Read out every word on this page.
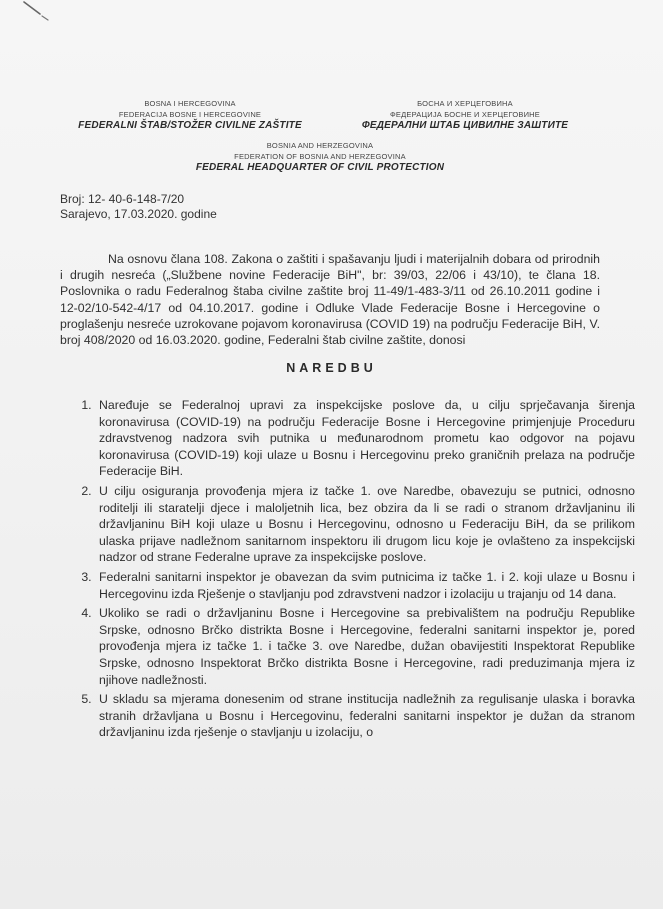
BOSNA I HERCEGOVINA
FEDERACIJA BOSNE I HERCEGOVINE
FEDERALNI ŠTAB/STOŽER CIVILNE ZAŠTITE
БОСНА И ХЕРЦЕГОВИНА
ФЕДЕРАЦИЈА БОСНЕ И ХЕРЦЕГОВИНЕ
ФЕДЕРАЛНИ ШТАБ ЦИВИЛНЕ ЗАШТИТЕ
BOSNIA AND HERZEGOVINA
FEDERATION OF BOSNIA AND HERZEGOVINA
FEDERAL HEADQUARTER OF CIVIL PROTECTION
Broj: 12- 40-6-148-7/20
Sarajevo, 17.03.2020. godine

Na osnovu člana 108. Zakona o zaštiti i spašavanju ljudi i materijalnih dobara od prirodnih i drugih nesreća („Službene novine Federacije BiH", br: 39/03, 22/06 i 43/10), te člana 18. Poslovnika o radu Federalnog štaba civilne zaštite broj 11-49/1-483-3/11 od 26.10.2011 godine i 12-02/10-542-4/17 od 04.10.2017. godine i Odluke Vlade Federacije Bosne i Hercegovine o proglašenju nesreće uzrokovane pojavom koronavirusa (COVID 19) na području Federacije BiH, V. broj 408/2020 od 16.03.2020. godine, Federalni štab civilne zaštite, donosi

NAREDBU
1. Naređuje se Federalnoj upravi za inspekcijske poslove da, u cilju sprječavanja širenja koronavirusa (COVID-19) na području Federacije Bosne i Hercegovine primjenjuje Proceduru zdravstvenog nadzora svih putnika u međunarodnom prometu kao odgovor na pojavu koronavirusa (COVID-19) koji ulaze u Bosnu i Hercegovinu preko graničnih prelaza na područje Federacije BiH.
2. U cilju osiguranja provođenja mjera iz tačke 1. ove Naredbe, obavezuju se putnici, odnosno roditelji ili staratelji djece i maloljetnih lica, bez obzira da li se radi o stranom državljaninu ili državljaninu BiH koji ulaze u Bosnu i Hercegovinu, odnosno u Federaciju BiH, da se prilikom ulaska prijave nadležnom sanitarnom inspektoru ili drugom licu koje je ovlašteno za inspekcijski nadzor od strane Federalne uprave za inspekcijske poslove.
3. Federalni sanitarni inspektor je obavezan da svim putnicima iz tačke 1. i 2. koji ulaze u Bosnu i Hercegovinu izda Rješenje o stavljanju pod zdravstveni nadzor i izolaciju u trajanju od 14 dana.
4. Ukoliko se radi o državljaninu Bosne i Hercegovine sa prebivalištem na području Republike Srpske, odnosno Brčko distrikta Bosne i Hercegovine, federalni sanitarni inspektor je, pored provođenja mjera iz tačke 1. i tačke 3. ove Naredbe, dužan obavijestiti Inspektorat Republike Srpske, odnosno Inspektorat Brčko distrikta Bosne i Hercegovine, radi preduzimanja mjera iz njihove nadležnosti.
5. U skladu sa mjerama donesenim od strane institucija nadležnih za regulisanje ulaska i boravka stranih državljana u Bosnu i Hercegovinu, federalni sanitarni inspektor je dužan da stranom državljaninu izda rješenje o stavljanju u izolaciju, o
